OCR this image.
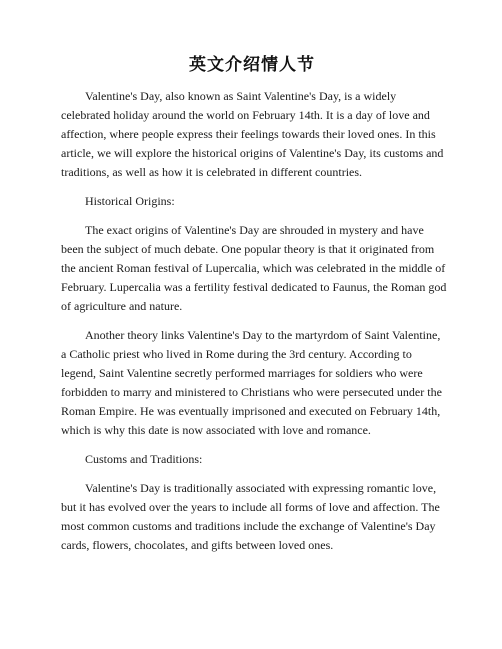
英文介绍情人节

Valentine's Day, also known as Saint Valentine's Day, is a widely celebrated holiday around the world on February 14th. It is a day of love and affection, where people express their feelings towards their loved ones. In this article, we will explore the historical origins of Valentine's Day, its customs and traditions, as well as how it is celebrated in different countries.

Historical Origins:

The exact origins of Valentine's Day are shrouded in mystery and have been the subject of much debate. One popular theory is that it originated from the ancient Roman festival of Lupercalia, which was celebrated in the middle of February. Lupercalia was a fertility festival dedicated to Faunus, the Roman god of agriculture and nature.

Another theory links Valentine's Day to the martyrdom of Saint Valentine, a Catholic priest who lived in Rome during the 3rd century. According to legend, Saint Valentine secretly performed marriages for soldiers who were forbidden to marry and ministered to Christians who were persecuted under the Roman Empire. He was eventually imprisoned and executed on February 14th, which is why this date is now associated with love and romance.

Customs and Traditions:

Valentine's Day is traditionally associated with expressing romantic love, but it has evolved over the years to include all forms of love and affection. The most common customs and traditions include the exchange of Valentine's Day cards, flowers, chocolates, and gifts between loved ones.
